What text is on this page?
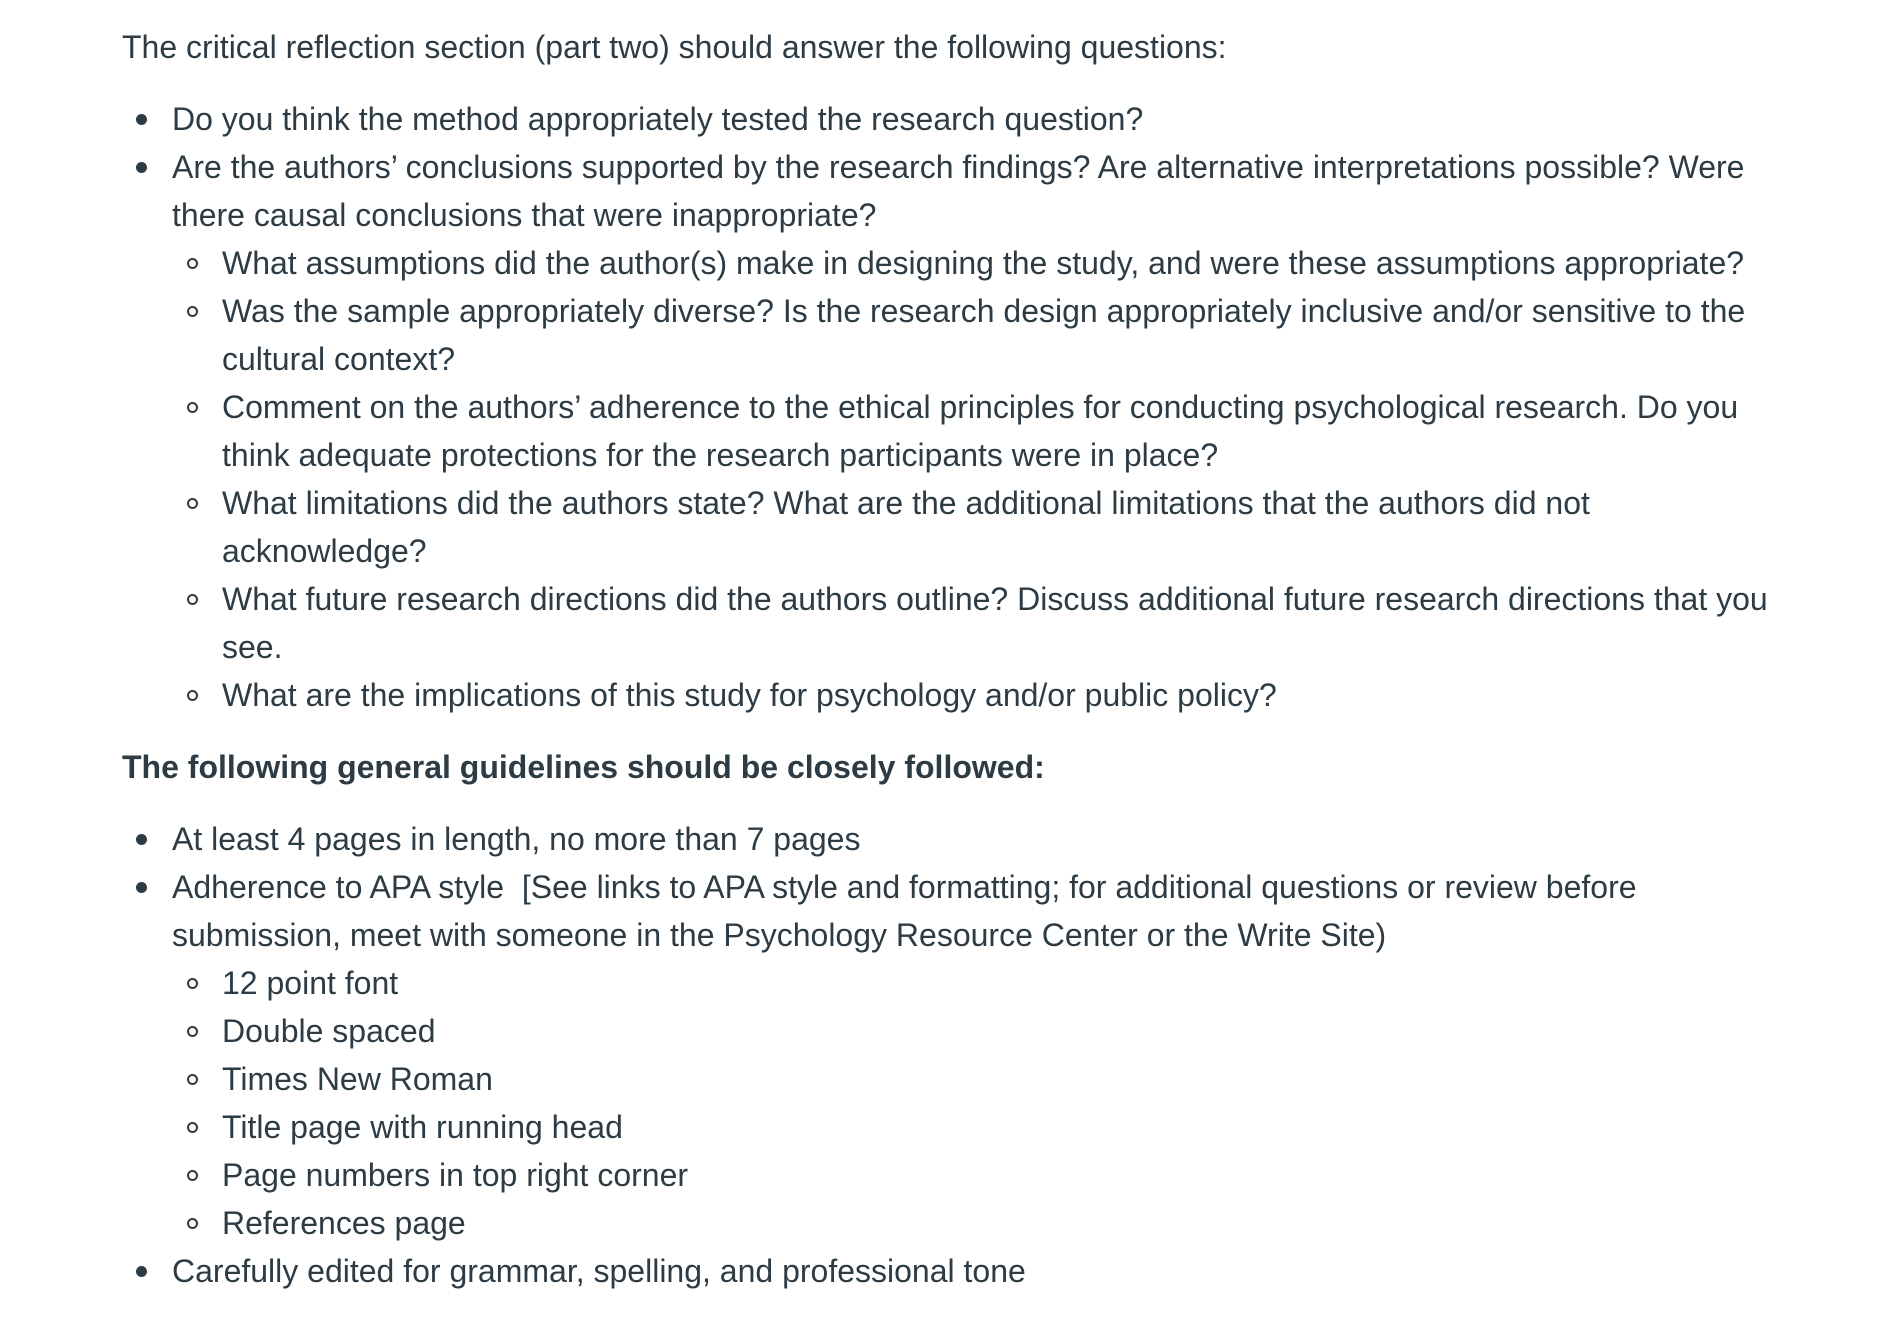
The critical reflection section (part two) should answer the following questions:

Do you think the method appropriately tested the research question?
Are the authors’ conclusions supported by the research findings? Are alternative interpretations possible? Were there causal conclusions that were inappropriate?
What assumptions did the author(s) make in designing the study, and were these assumptions appropriate?
Was the sample appropriately diverse? Is the research design appropriately inclusive and/or sensitive to the cultural context?
Comment on the authors’ adherence to the ethical principles for conducting psychological research. Do you think adequate protections for the research participants were in place?
What limitations did the authors state? What are the additional limitations that the authors did not acknowledge?
What future research directions did the authors outline? Discuss additional future research directions that you see.
What are the implications of this study for psychology and/or public policy?

The following general guidelines should be closely followed:

At least 4 pages in length, no more than 7 pages
Adherence to APA style  [See links to APA style and formatting; for additional questions or review before submission, meet with someone in the Psychology Resource Center or the Write Site)
12 point font
Double spaced
Times New Roman
Title page with running head
Page numbers in top right corner
References page
Carefully edited for grammar, spelling, and professional tone
